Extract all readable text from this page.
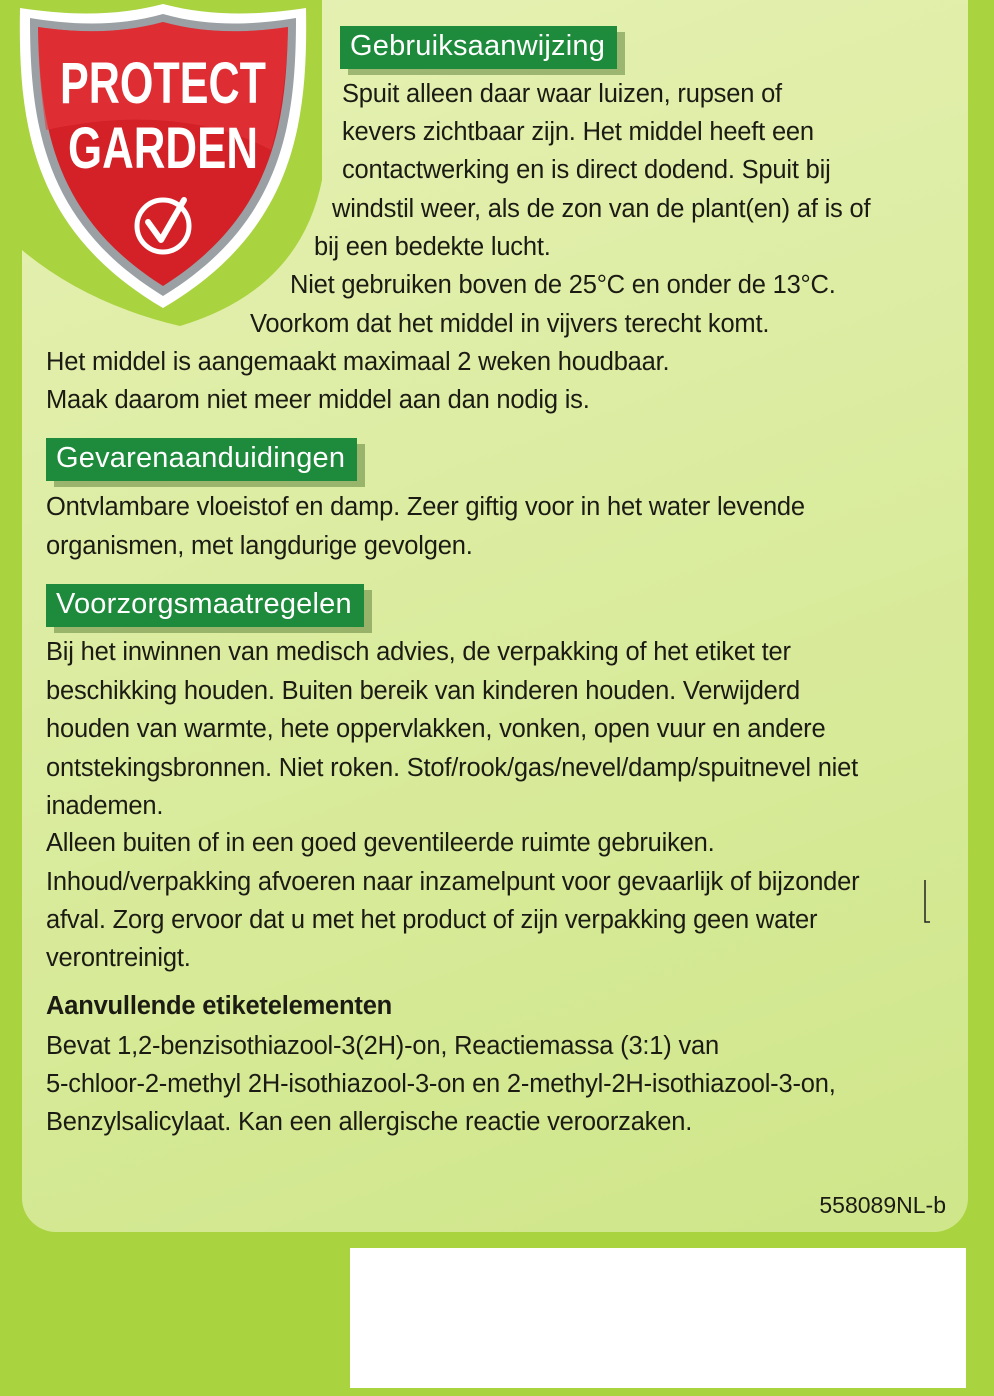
PROTECT
GARDEN
Gebruiksaanwijzing
Spuit alleen daar waar luizen, rupsen of
kevers zichtbaar zijn. Het middel heeft een
contactwerking en is direct dodend. Spuit bij
windstil weer, als de zon van de plant(en) af is of
bij een bedekte lucht.
Niet gebruiken boven de 25°C en onder de 13°C.
Voorkom dat het middel in vijvers terecht komt.
Het middel is aangemaakt maximaal 2 weken houdbaar.
Maak daarom niet meer middel aan dan nodig is.
Gevarenaanduidingen
Ontvlambare vloeistof en damp. Zeer giftig voor in het water levende
organismen, met langdurige gevolgen.
Voorzorgsmaatregelen
Bij het inwinnen van medisch advies, de verpakking of het etiket ter
beschikking houden. Buiten bereik van kinderen houden. Verwijderd
houden van warmte, hete oppervlakken, vonken, open vuur en andere
ontstekingsbronnen. Niet roken. Stof/rook/gas/nevel/damp/spuitnevel niet
inademen.
Alleen buiten of in een goed geventileerde ruimte gebruiken.
Inhoud/verpakking afvoeren naar inzamelpunt voor gevaarlijk of bijzonder
afval. Zorg ervoor dat u met het product of zijn verpakking geen water
verontreinigt.
Aanvullende etiketelementen
Bevat 1,2-benzisothiazool-3(2H)-on, Reactiemassa (3:1) van
5-chloor-2-methyl 2H-isothiazool-3-on en 2-methyl-2H-isothiazool-3-on,
Benzylsalicylaat. Kan een allergische reactie veroorzaken.
558089NL-b
